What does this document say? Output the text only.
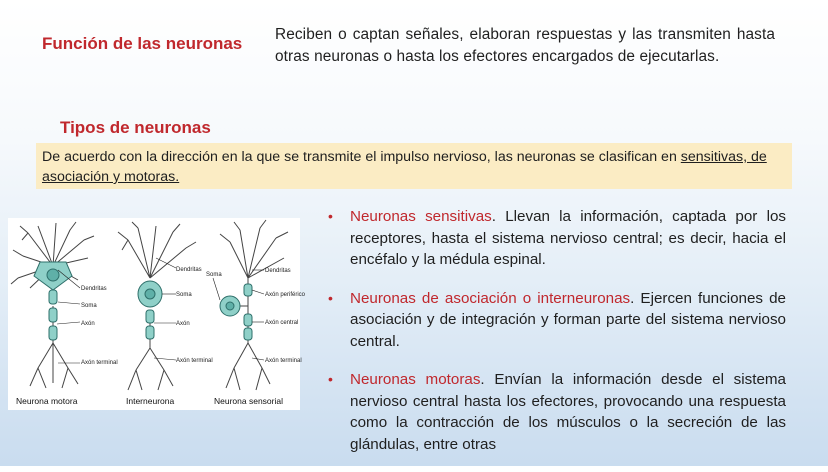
Función de las neuronas Reciben o captan señales, elaboran respuestas y las transmiten hasta otras neuronas o hasta los efectores encargados de ejecutarlas.
Tipos de neuronas
De acuerdo con la dirección en la que se transmite el impulso nervioso, las neuronas se clasifican en sensitivas, de asociación y motoras.
Dendritas
Soma
Axón
Axón terminal
Dendritas
Soma
Axón
Axón terminal
Soma
Dendritas
Axón periférico
Axón central
Axón terminal
Neurona motora	Interneurona	Neurona sensorial
• Neuronas sensitivas. Llevan la información, captada por los receptores, hasta el sistema nervioso central; es decir, hacia el encéfalo y la médula espinal.
• Neuronas de asociación o interneuronas. Ejercen funciones de asociación y de integración y forman parte del sistema nervioso central.
• Neuronas motoras. Envían la información desde el sistema nervioso central hasta los efectores, provocando una respuesta como la contracción de los músculos o la secreción de las glándulas, entre otras
